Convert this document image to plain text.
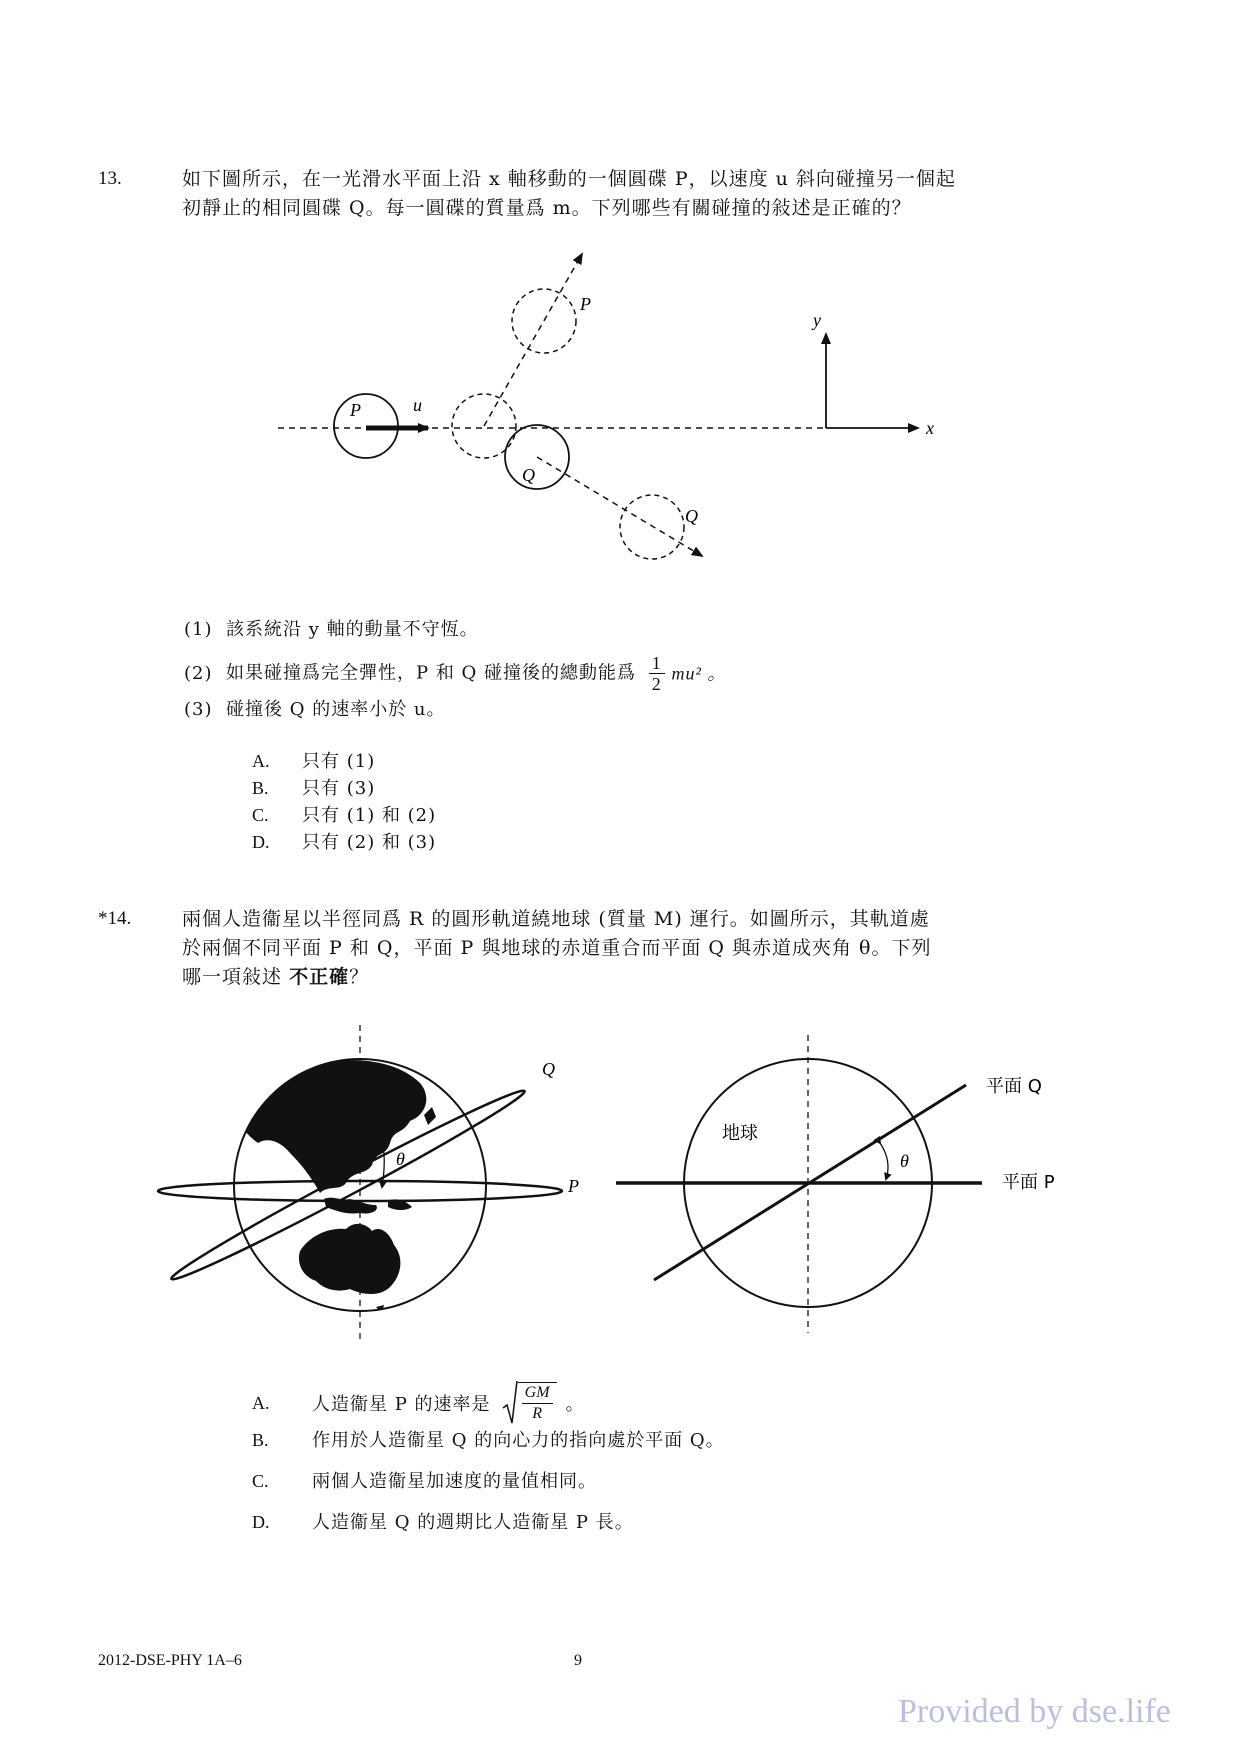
13.	如下圖所示，在一光滑水平面上沿 x 軸移動的一個圓碟 P，以速度 u 斜向碰撞另一個起
初靜止的相同圓碟 Q。每一圓碟的質量爲 m。下列哪些有關碰撞的敍述是正確的？
y
x
P	u
Q
P
Q
(1) 該系統沿 y 軸的動量不守恆。
(2) 如果碰撞爲完全彈性，P 和 Q 碰撞後的總動能爲 $\frac{1}{2} mu^2$ 。
(3) 碰撞後 Q 的速率小於 u。
A. 只有 (1)
B. 只有 (3)
C. 只有 (1) 和 (2)
D. 只有 (2) 和 (3)
*14.	兩個人造衞星以半徑同爲 R 的圓形軌道繞地球 (質量 M) 運行。如圖所示，其軌道處
於兩個不同平面 P 和 Q，平面 P 與地球的赤道重合而平面 Q 與赤道成夾角 θ。下列
哪一項敍述 不正確？
θ
Q
P
θ
地球
平面 Q
平面 P
A. 人造衞星 P 的速率是 $\frac{GM}{R}$ 。
B. 作用於人造衞星 Q 的向心力的指向處於平面 Q。
C. 兩個人造衞星加速度的量值相同。
D. 人造衞星 Q 的週期比人造衞星 P 長。
2012-DSE-PHY 1A–6	9
Provided by dse.life
